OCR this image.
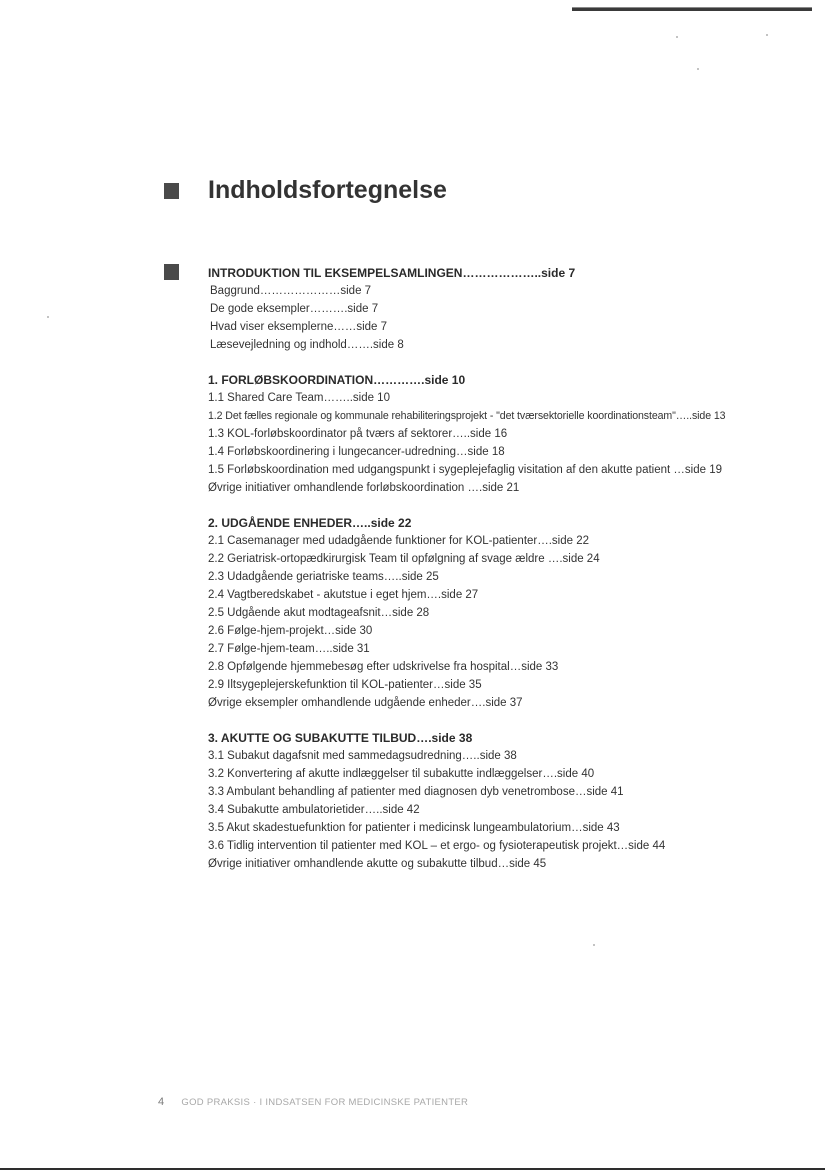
Indholdsfortegnelse
INTRODUKTION TIL EKSEMPELSAMLINGEN………………..side 7
Baggrund…………………side 7
De gode eksempler……….side 7
Hvad viser eksemplerne……side 7
Læsevejledning og indhold…….side 8
1. FORLØBSKOORDINATION………….side 10
1.1 Shared Care Team……..side 10
1.2 Det fælles regionale og kommunale rehabiliteringsprojekt - "det tværsektorielle koordinationsteam"…..side 13
1.3 KOL-forløbskoordinator på tværs af sektorer…..side 16
1.4 Forløbskoordinering i lungecancer-udredning…side 18
1.5 Forløbskoordination med udgangspunkt i sygeplejefaglig visitation af den akutte patient …side 19
Øvrige initiativer omhandlende forløbskoordination ….side 21
2. UDGÅENDE ENHEDER…..side 22
2.1 Casemanager med udadgående funktioner for KOL-patienter….side 22
2.2 Geriatrisk-ortopædkirurgisk Team til opfølgning af svage ældre ….side 24
2.3 Udadgående geriatriske teams…..side 25
2.4 Vagtberedskabet - akutstue i eget hjem….side 27
2.5 Udgående akut modtageafsnit…side 28
2.6 Følge-hjem-projekt…side 30
2.7 Følge-hjem-team…..side 31
2.8 Opfølgende hjemmebesøg efter udskrivelse fra hospital…side 33
2.9 Iltsygeplejerskefunktion til KOL-patienter…side 35
Øvrige eksempler omhandlende udgående enheder….side 37
3. AKUTTE OG SUBAKUTTE TILBUD….side 38
3.1 Subakut dagafsnit med sammedagsudredning…..side 38
3.2 Konvertering af akutte indlæggelser til subakutte indlæggelser….side 40
3.3 Ambulant behandling af patienter med diagnosen dyb venetrombose…side 41
3.4 Subakutte ambulatorietider…..side 42
3.5 Akut skadestuefunktion for patienter i medicinsk lungeambulatorium…side 43
3.6 Tidlig intervention til patienter med KOL – et ergo- og fysioterapeutisk projekt…side 44
Øvrige initiativer omhandlende akutte og subakutte tilbud…side 45
4 GOD PRAKSIS · I INDSATSEN FOR MEDICINSKE PATIENTER
